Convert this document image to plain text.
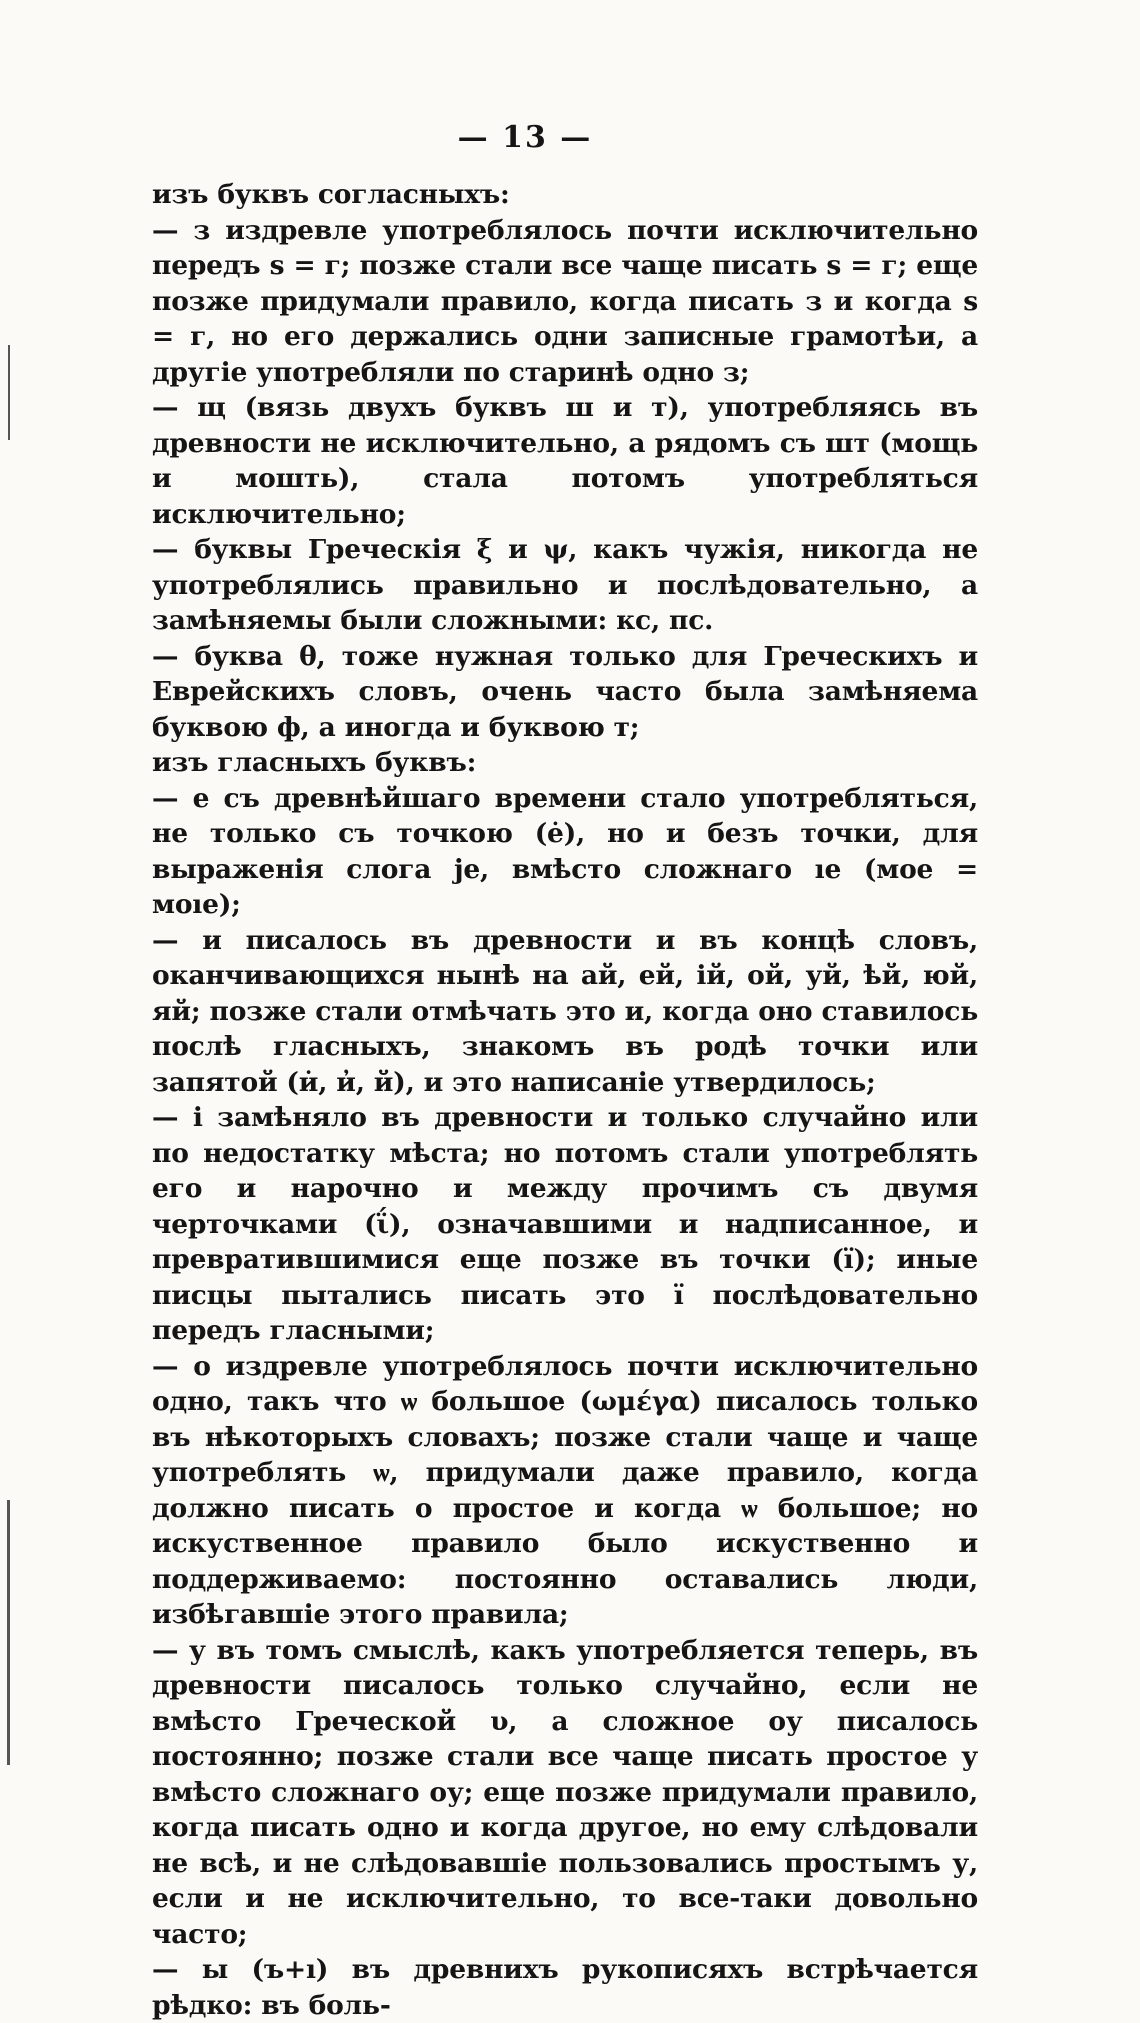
— 13 —

изъ буквъ согласныхъ:

— з издревле употреблялось почти исключительно передъ s = г; позже стали все чаще писать s = г; еще позже придумали правило, когда писать з и когда s = г, но его держались одни записные грамотѣи, а другіе употребляли по старинѣ одно з;

— щ (вязь двухъ буквъ ш и т), употребляясь въ древности не исключительно, а рядомъ съ шт (мощь и мошть), стала потомъ употребляться исключительно;

— буквы Греческія ξ и ψ, какъ чужія, никогда не употреблялись правильно и послѣдовательно, а замѣняемы были сложными: кс, пс.

— буква θ, тоже нужная только для Греческихъ и Еврейскихъ словъ, очень часто была замѣняема буквою ф, а иногда и буквою т;

изъ гласныхъ буквъ:

— е съ древнѣйшаго времени стало употребляться, не только съ точкою (ė), но и безъ точки, для выраженія слога je, вмѣсто сложнаго ıе (мое = моıе);

— и писалось въ древности и въ концѣ словъ, оканчивающихся нынѣ на ай, ей, ій, ой, уй, ѣй, юй, яй; позже стали отмѣчать это и, когда оно ставилось послѣ гласныхъ, знакомъ въ родѣ точки или запятой (и̇, и̓, й), и это написаніе утвердилось;

— і замѣняло въ древности и только случайно или по недостатку мѣста; но потомъ стали употреблять его и нарочно и между прочимъ съ двумя черточками (ΐ), означавшими и надписанное, и превратившимися еще позже въ точки (ї); иные писцы пытались писать это ї послѣдовательно передъ гласными;

— о издревле употреблялось почти исключительно одно, такъ что ѡ большое (ωμέγα) писалось только въ нѣкоторыхъ словахъ; позже стали чаще и чаще употреблять ѡ, придумали даже правило, когда должно писать о простое и когда ѡ большое; но искуственное правило было искуственно и поддерживаемо: постоянно оставались люди, избѣгавшіе этого правила;

— у въ томъ смыслѣ, какъ употребляется теперь, въ древности писалось только случайно, если не вмѣсто Греческой υ, а сложное оу писалось постоянно; позже стали все чаще писать простое у вмѣсто сложнаго оу; еще позже придумали правило, когда писать одно и когда другое, но ему слѣдовали не всѣ, и не слѣдовавшіе пользовались простымъ у, если и не исключительно, то все-таки довольно часто;

— ы (ъ+ı) въ древнихъ рукописяхъ встрѣчается рѣдко: въ боль-
